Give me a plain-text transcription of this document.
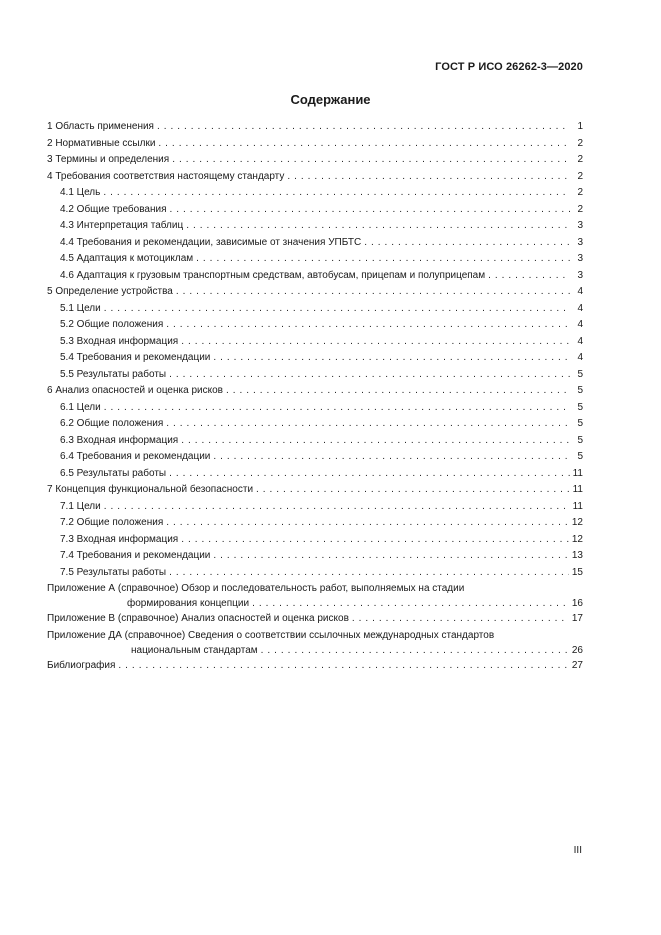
ГОСТ Р ИСО 26262-3—2020
Содержание
1 Область применения . . .	1
2 Нормативные ссылки . . .	2
3 Термины и определения . . .	2
4 Требования соответствия настоящему стандарту . . .	2
4.1 Цель . . .	2
4.2 Общие требования . . .	2
4.3 Интерпретация таблиц . . .	3
4.4 Требования и рекомендации, зависимые от значения УПБТС . . .	3
4.5 Адаптация к мотоциклам . . .	3
4.6 Адаптация к грузовым транспортным средствам, автобусам, прицепам и полуприцепам . . .	3
5 Определение устройства . . .	4
5.1 Цели . . .	4
5.2 Общие положения . . .	4
5.3 Входная информация . . .	4
5.4 Требования и рекомендации . . .	4
5.5 Результаты работы . . .	5
6 Анализ опасностей и оценка рисков . . .	5
6.1 Цели . . .	5
6.2 Общие положения . . .	5
6.3 Входная информация . . .	5
6.4 Требования и рекомендации . . .	5
6.5 Результаты работы . . .	11
7 Концепция функциональной безопасности . . .	11
7.1 Цели . . .	11
7.2 Общие положения . . .	12
7.3 Входная информация . . .	12
7.4 Требования и рекомендации . . .	13
7.5 Результаты работы . . .	15
Приложение А (справочное) Обзор и последовательность работ, выполняемых на стадии
формирования концепции . . .	16
Приложение В (справочное) Анализ опасностей и оценка рисков . . .	17
Приложение ДА (справочное) Сведения о соответствии ссылочных международных стандартов
национальным стандартам . . .	26
Библиография . . .	27
III
